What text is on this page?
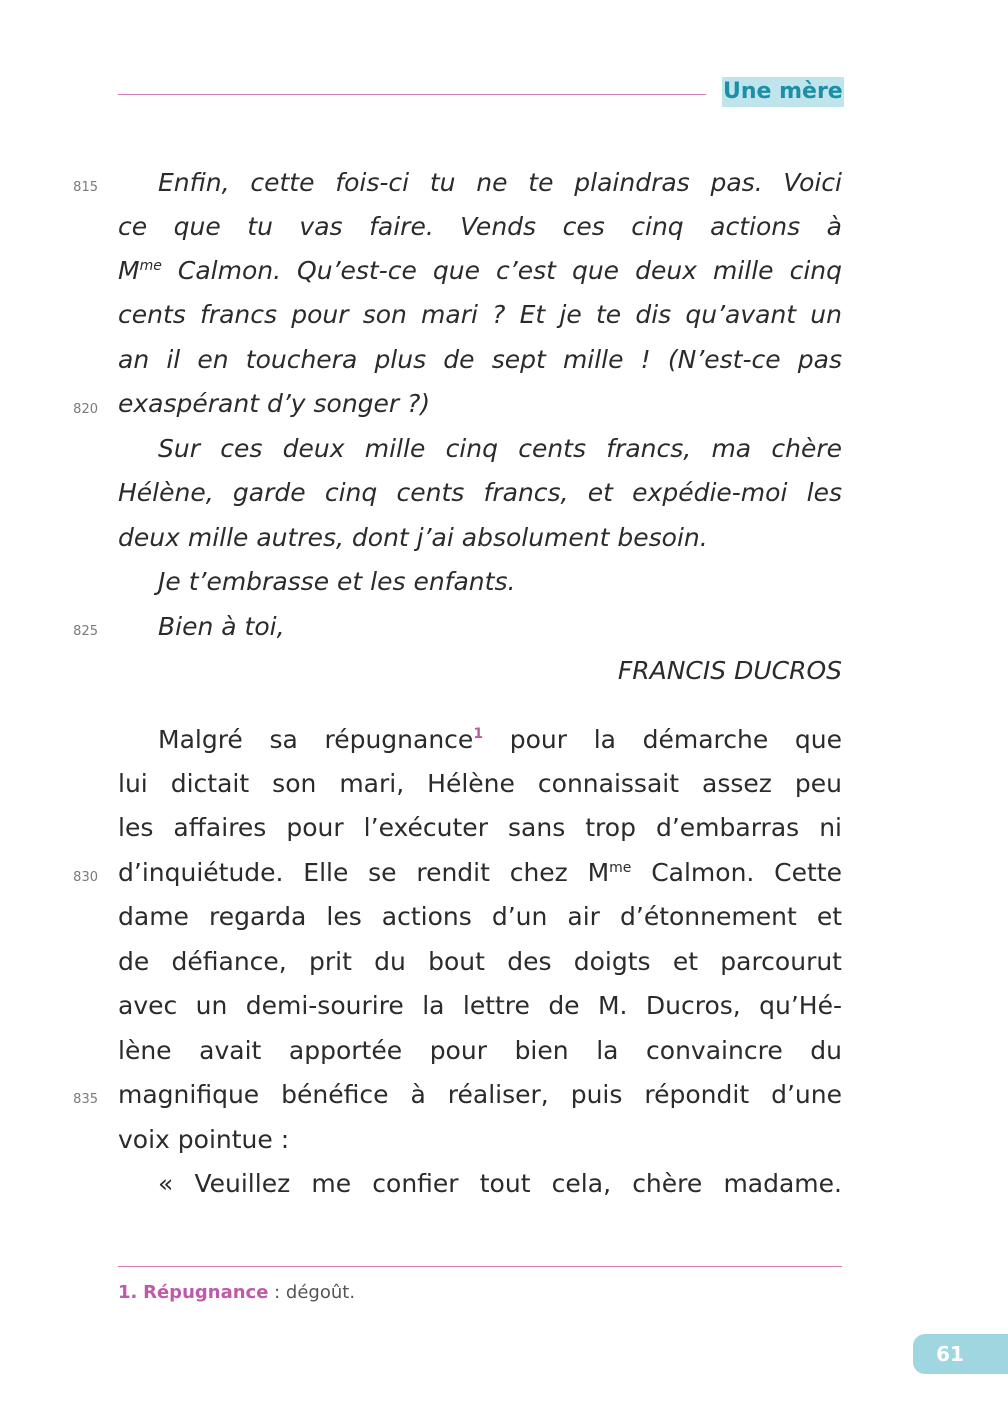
Une mère
815
820
825
830
835
Enfin, cette fois-ci tu ne te plaindras pas. Voici
ce que tu vas faire. Vends ces cinq actions à
$M^{me}$ Calmon. Qu’est-ce que c’est que deux mille cinq
cents francs pour son mari ? Et je te dis qu’avant un
an il en touchera plus de sept mille ! (N’est-ce pas
exaspérant d’y songer ?)
Sur ces deux mille cinq cents francs, ma chère
Hélène, garde cinq cents francs, et expédie-moi les
deux mille autres, dont j’ai absolument besoin.
Je t’embrasse et les enfants.
Bien à toi,
FRANCIS DUCROS
Malgré sa répugnance$^1$ pour la démarche que
lui dictait son mari, Hélène connaissait assez peu
les affaires pour l’exécuter sans trop d’embarras ni
d’inquiétude. Elle se rendit chez $M^{me}$ Calmon. Cette
dame regarda les actions d’un air d’étonnement et
de défiance, prit du bout des doigts et parcourut
avec un demi-sourire la lettre de M. Ducros, qu’Hé-
lène avait apportée pour bien la convaincre du
magnifique bénéfice à réaliser, puis répondit d’une
voix pointue :
« Veuillez me confier tout cela, chère madame.
1. Répugnance : dégoût.
61
